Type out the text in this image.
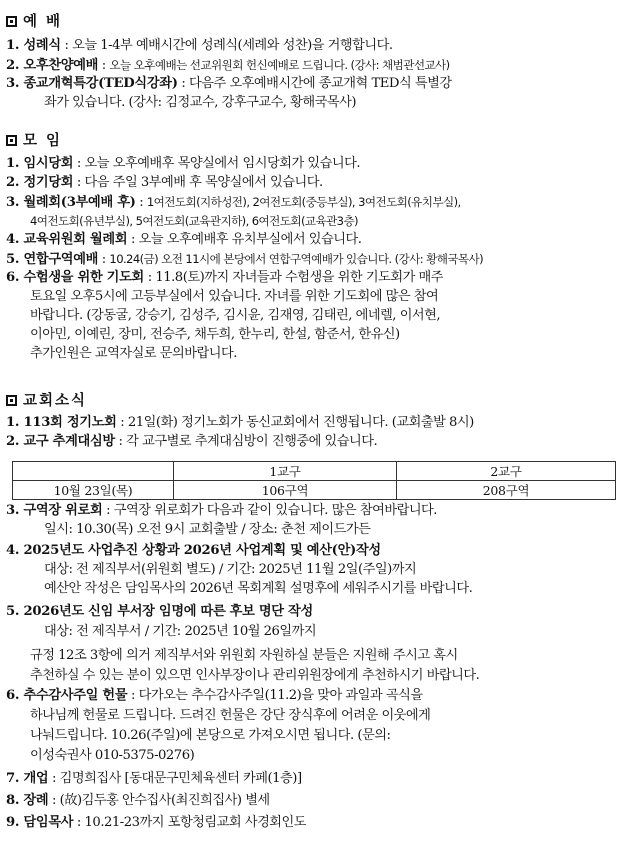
예 배
1. 성례식 : 오늘 1-4부 예배시간에 성례식(세례와 성찬)을 거행합니다.
2. 오후찬양예배 : 오늘 오후예배는 선교위원회 헌신예배로 드립니다. (강사: 채범관선교사)
3. 종교개혁특강(TED식강좌) : 다음주 오후예배시간에 종교개혁 TED식 특별강
좌가 있습니다. (강사: 김정교수, 강후구교수, 황해국목사)
모 임
1. 임시당회 : 오늘 오후예배후 목양실에서 임시당회가 있습니다.
2. 정기당회 : 다음 주일 3부예배 후 목양실에서 있습니다.
3. 월례회(3부예배 후) : 1여전도회(지하성전), 2여전도회(중등부실), 3여전도회(유치부실),
4여전도회(유년부실), 5여전도회(교육관지하), 6여전도회(교육관3층)
4. 교육위원회 월례회 : 오늘 오후예배후 유치부실에서 있습니다.
5. 연합구역예배 : 10.24(금) 오전 11시에 본당에서 연합구역예배가 있습니다. (강사: 황해국목사)
6. 수험생을 위한 기도회 : 11.8(토)까지 자녀들과 수험생을 위한 기도회가 매주
토요일 오후5시에 고등부실에서 있습니다. 자녀를 위한 기도회에 많은 참여
바랍니다. (강동굴, 강승기, 김성주, 김시윤, 김재영, 김태린, 에네렐, 이서현,
이아민, 이예린, 장미, 전승주, 채두희, 한누리, 한설, 함준서, 한유신)
추가인원은 교역자실로 문의바랍니다.
교회소식
1. 113회 정기노회 : 21일(화) 정기노회가 동신교회에서 진행됩니다. (교회출발 8시)
2. 교구 추계대심방 : 각 교구별로 추계대심방이 진행중에 있습니다.
	1교구	2교구
10월 23일(목)	106구역	208구역
3. 구역장 위로회 : 구역장 위로회가 다음과 같이 있습니다. 많은 참여바랍니다.
일시: 10.30(목) 오전 9시 교회출발 / 장소: 춘천 제이드가든
4. 2025년도 사업추진 상황과 2026년 사업계획 및 예산(안)작성
대상: 전 제직부서(위원회 별도) / 기간: 2025년 11월 2일(주일)까지
예산안 작성은 담임목사의 2026년 목회계획 설명후에 세워주시기를 바랍니다.
5. 2026년도 신임 부서장 임명에 따른 후보 명단 작성
대상: 전 제직부서 / 기간: 2025년 10월 26일까지
규정 12조 3항에 의거 제직부서와 위원회 자원하실 분들은 지원해 주시고 혹시
추천하실 수 있는 분이 있으면 인사부장이나 관리위원장에게 추천하시기 바랍니다.
6. 추수감사주일 헌물 : 다가오는 추수감사주일(11.2)을 맞아 과일과 곡식을
하나님께 헌물로 드립니다. 드려진 헌물은 강단 장식후에 어려운 이웃에게
나눠드립니다. 10.26(주일)에 본당으로 가져오시면 됩니다. (문의:
이성숙권사 010-5375-0276)
7. 개업 : 김명희집사 [동대문구민체육센터 카페(1층)]
8. 장례 : (故)김두홍 안수집사(최진희집사) 별세
9. 담임목사 : 10.21-23까지 포항청림교회 사경회인도
